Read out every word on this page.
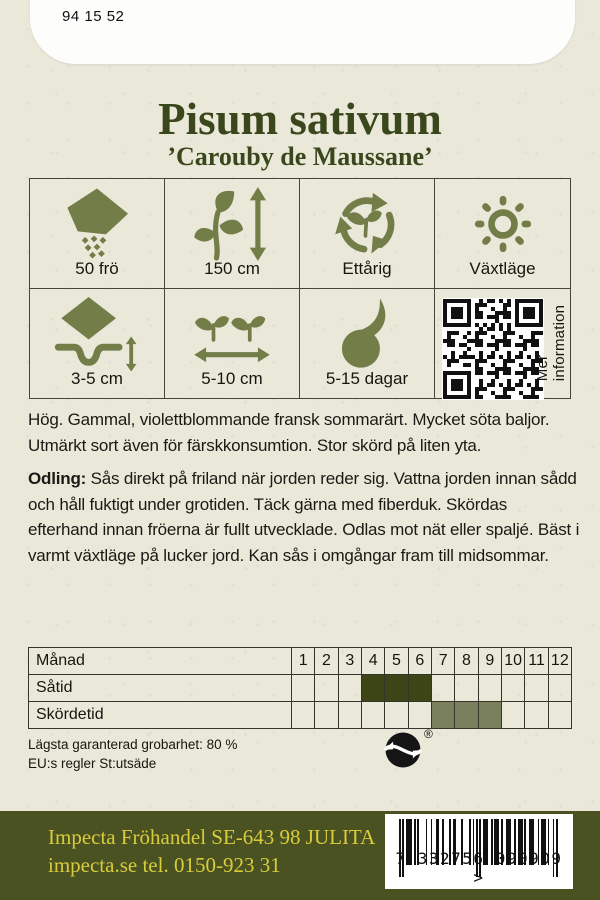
94 15 52
Pisum sativum
’Carouby de Maussane’
50 frö	150 cm	Ettårig	Växtläge
3-5 cm	5-10 cm	5-15 dagar	Mer information

Hög. Gammal, violettblommande fransk sommarärt. Mycket söta baljor. Utmärkt sort även för färskkonsumtion. Stor skörd på liten yta.

Odling: Sås direkt på friland när jorden reder sig. Vattna jorden innan sådd och håll fuktigt under grotiden. Täck gärna med fiberduk. Skördas efterhand innan fröerna är fullt utvecklade. Odlas mot nät eller spaljé. Bäst i varmt växtläge på lucker jord. Kan sås i omgångar fram till midsommar.

Månad	1 2 3 4 5 6 7 8 9 10 11 12
Såtid
Skördetid
Lägsta garanterad grobarhet: 80 %
EU:s regler St:utsäde
®

Impecta Fröhandel SE-643 98 JULITA
impecta.se tel. 0150-923 31	7 332756 090909 >
